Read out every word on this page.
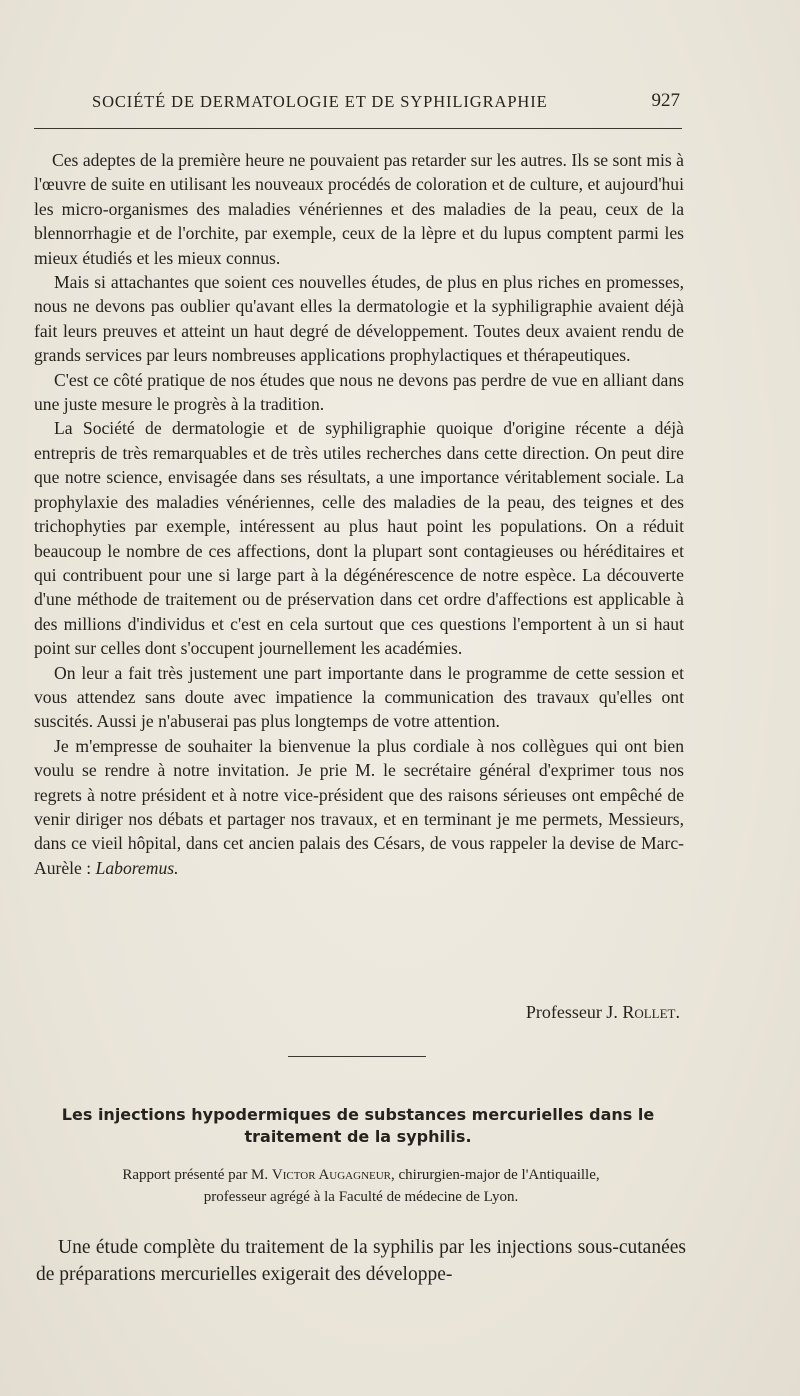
SOCIÉTÉ DE DERMATOLOGIE ET DE SYPHILIGRAPHIE	927

Ces adeptes de la première heure ne pouvaient pas retarder sur les autres. Ils se sont mis à l'œuvre de suite en utilisant les nouveaux procédés de coloration et de culture, et aujourd'hui les micro-organismes des maladies vénériennes et des maladies de la peau, ceux de la blennorrhagie et de l'orchite, par exemple, ceux de la lèpre et du lupus comptent parmi les mieux étudiés et les mieux connus.

Mais si attachantes que soient ces nouvelles études, de plus en plus riches en promesses, nous ne devons pas oublier qu'avant elles la dermatologie et la syphiligraphie avaient déjà fait leurs preuves et atteint un haut degré de développement. Toutes deux avaient rendu de grands services par leurs nombreuses applications prophylactiques et thérapeutiques.

C'est ce côté pratique de nos études que nous ne devons pas perdre de vue en alliant dans une juste mesure le progrès à la tradition.

La Société de dermatologie et de syphiligraphie quoique d'origine récente a déjà entrepris de très remarquables et de très utiles recherches dans cette direction. On peut dire que notre science, envisagée dans ses résultats, a une importance véritablement sociale. La prophylaxie des maladies vénériennes, celle des maladies de la peau, des teignes et des trichophyties par exemple, intéressent au plus haut point les populations. On a réduit beaucoup le nombre de ces affections, dont la plupart sont contagieuses ou héréditaires et qui contribuent pour une si large part à la dégénérescence de notre espèce. La découverte d'une méthode de traitement ou de préservation dans cet ordre d'affections est applicable à des millions d'individus et c'est en cela surtout que ces questions l'emportent à un si haut point sur celles dont s'occupent journellement les académies.

On leur a fait très justement une part importante dans le programme de cette session et vous attendez sans doute avec impatience la communication des travaux qu'elles ont suscités. Aussi je n'abuserai pas plus longtemps de votre attention.

Je m'empresse de souhaiter la bienvenue la plus cordiale à nos collègues qui ont bien voulu se rendre à notre invitation. Je prie M. le secrétaire général d'exprimer tous nos regrets à notre président et à notre vice-président que des raisons sérieuses ont empêché de venir diriger nos débats et partager nos travaux, et en terminant je me permets, Messieurs, dans ce vieil hôpital, dans cet ancien palais des Césars, de vous rappeler la devise de Marc-Aurèle : Laboremus.

Professeur J. Rollet.
Les injections hypodermiques de substances mercurielles dans le traitement de la syphilis.
Rapport présenté par M. Victor Augagneur, chirurgien-major de l'Antiquaille,
professeur agrégé à la Faculté de médecine de Lyon.

Une étude complète du traitement de la syphilis par les injections sous-cutanées de préparations mercurielles exigerait des développe-
